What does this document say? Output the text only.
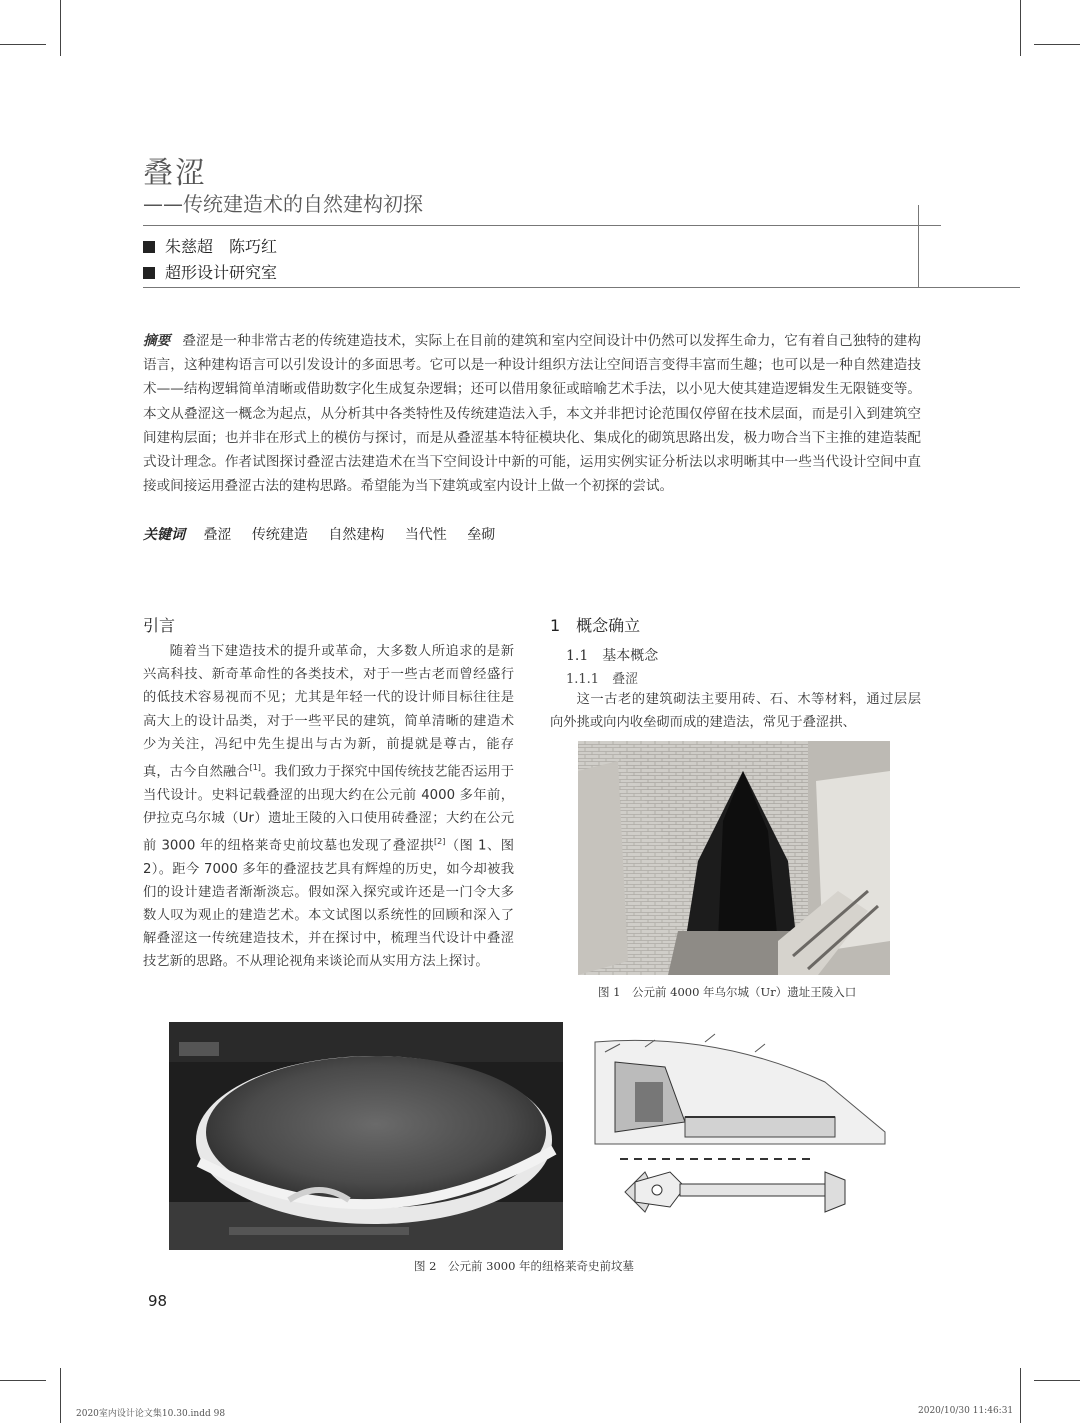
叠涩
——传统建造术的自然建构初探
朱慈超　陈巧红
超形设计研究室
摘要 叠涩是一种非常古老的传统建造技术，实际上在目前的建筑和室内空间设计中仍然可以发挥生命力，它有着自己独特的建构语言，这种建构语言可以引发设计的多面思考。它可以是一种设计组织方法让空间语言变得丰富而生趣；也可以是一种自然建造技术——结构逻辑简单清晰或借助数字化生成复杂逻辑；还可以借用象征或暗喻艺术手法，以小见大使其建造逻辑发生无限链变等。本文从叠涩这一概念为起点，从分析其中各类特性及传统建造法入手，本文并非把讨论范围仅停留在技术层面，而是引入到建筑空间建构层面；也并非在形式上的模仿与探讨，而是从叠涩基本特征模块化、集成化的砌筑思路出发，极力吻合当下主推的建造装配式设计理念。作者试图探讨叠涩古法建造术在当下空间设计中新的可能，运用实例实证分析法以求明晰其中一些当代设计空间中直接或间接运用叠涩古法的建构思路。希望能为当下建筑或室内设计上做一个初探的尝试。
关键词 叠涩 传统建造 自然建构 当代性 垒砌
引言
随着当下建造技术的提升或革命，大多数人所追求的是新兴高科技、新奇革命性的各类技术，对于一些古老而曾经盛行的低技术容易视而不见；尤其是年轻一代的设计师目标往往是高大上的设计品类，对于一些平民的建筑，简单清晰的建造术少为关注，冯纪中先生提出与古为新，前提就是尊古，能存真，古今自然融合[1]。我们致力于探究中国传统技艺能否运用于当代设计。史料记载叠涩的出现大约在公元前 4000 多年前，伊拉克乌尔城（Ur）遗址王陵的入口使用砖叠涩；大约在公元前 3000 年的纽格莱奇史前坟墓也发现了叠涩拱[2]（图 1、图 2）。距今 7000 多年的叠涩技艺具有辉煌的历史，如今却被我们的设计建造者渐渐淡忘。假如深入探究或许还是一门令大多数人叹为观止的建造艺术。本文试图以系统性的回顾和深入了解叠涩这一传统建造技术，并在探讨中，梳理当代设计中叠涩技艺新的思路。不从理论视角来谈论而从实用方法上探讨。
1　概念确立
1.1　基本概念
1.1.1　叠涩
这一古老的建筑砌法主要用砖、石、木等材料，通过层层向外挑或向内收垒砌而成的建造法，常见于叠涩拱、
图 1　公元前 4000 年乌尔城（Ur）遗址王陵入口
图 2　公元前 3000 年的纽格莱奇史前坟墓
98
2020室内设计论文集10.30.indd 98	2020/10/30 11:46:31
